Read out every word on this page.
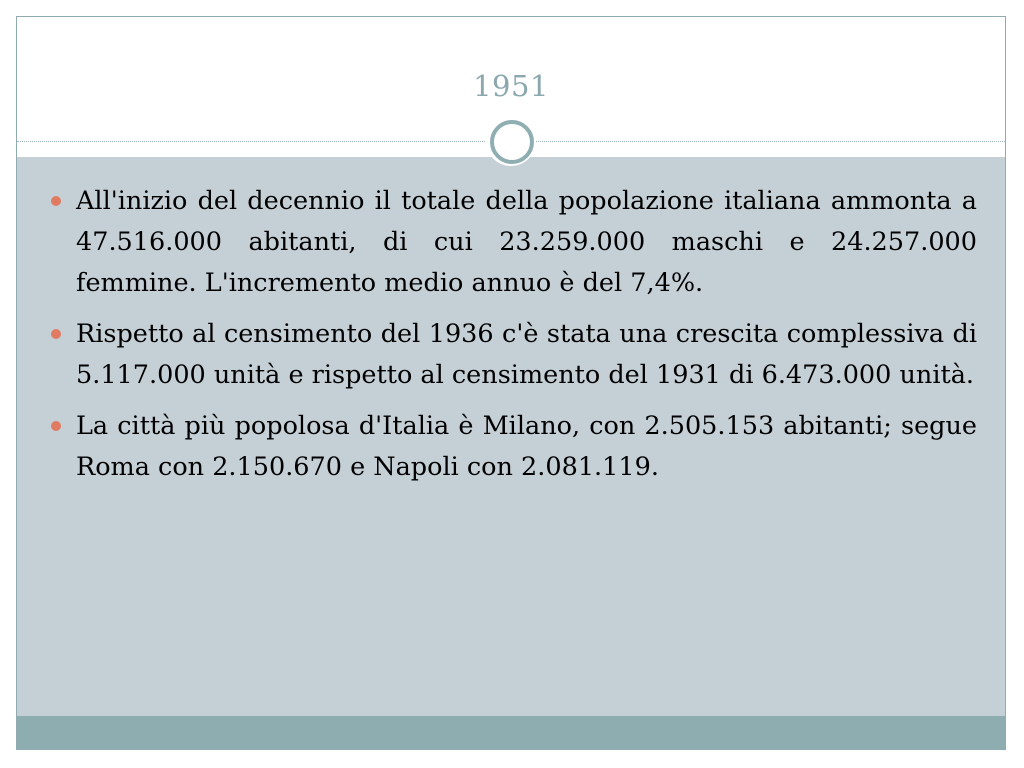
1951
All'inizio del decennio il totale della popolazione italiana ammonta a 47.516.000 abitanti, di cui 23.259.000 maschi e 24.257.000 femmine. L'incremento medio annuo è del 7,4%.
Rispetto al censimento del 1936 c'è stata una crescita complessiva di 5.117.000 unità e rispetto al censimento del 1931 di 6.473.000 unità.
La città più popolosa d'Italia è Milano, con 2.505.153 abitanti; segue Roma con 2.150.670 e Napoli con 2.081.119.
